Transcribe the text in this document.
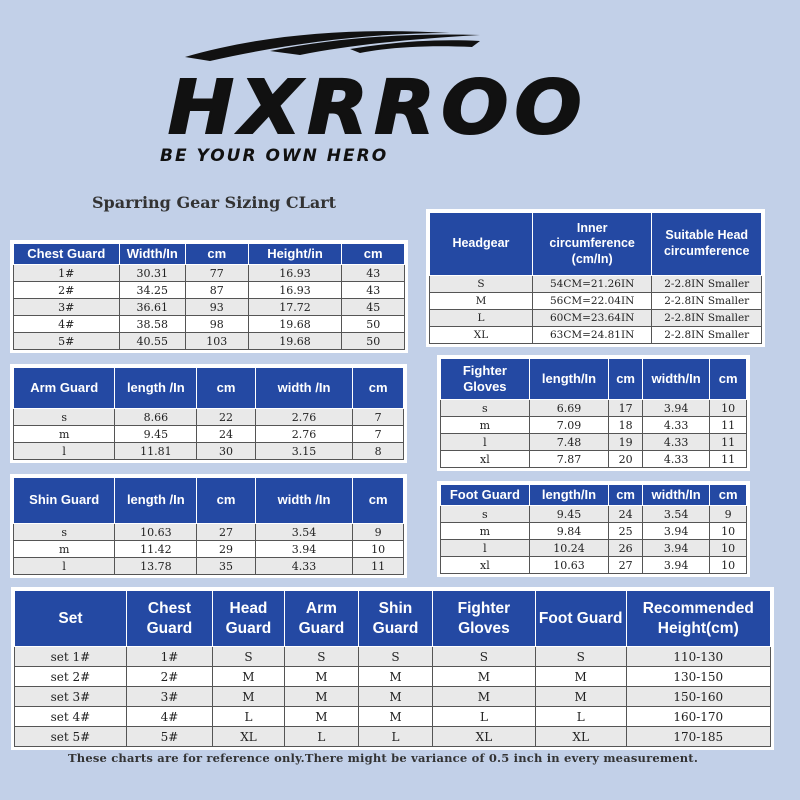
HXRROO
BE YOUR OWN HERO
Sparring Gear Sizing CLart
Chest Guard	Width/In	cm	Height/in	cm
1#	30.31	77	16.93	43
2#	34.25	87	16.93	43
3#	36.61	93	17.72	45
4#	38.58	98	19.68	50
5#	40.55	103	19.68	50
Headgear	Inner circumference (cm/In)	Suitable Head circumference
S	54CM=21.26IN	2-2.8IN Smaller
M	56CM=22.04IN	2-2.8IN Smaller
L	60CM=23.64IN	2-2.8IN Smaller
XL	63CM=24.81IN	2-2.8IN Smaller
Arm Guard	length /In	cm	width /In	cm
s	8.66	22	2.76	7
m	9.45	24	2.76	7
l	11.81	30	3.15	8
Fighter Gloves	length/In	cm	width/In	cm
s	6.69	17	3.94	10
m	7.09	18	4.33	11
l	7.48	19	4.33	11
xl	7.87	20	4.33	11
Shin Guard	length /In	cm	width /In	cm
s	10.63	27	3.54	9
m	11.42	29	3.94	10
l	13.78	35	4.33	11
Foot Guard	length/In	cm	width/In	cm
s	9.45	24	3.54	9
m	9.84	25	3.94	10
l	10.24	26	3.94	10
xl	10.63	27	3.94	10
Set	Chest Guard	Head Guard	Arm Guard	Shin Guard	Fighter Gloves	Foot Guard	Recommended Height(cm)
set 1#	1#	S	S	S	S	S	110-130
set 2#	2#	M	M	M	M	M	130-150
set 3#	3#	M	M	M	M	M	150-160
set 4#	4#	L	M	M	L	L	160-170
set 5#	5#	XL	L	L	XL	XL	170-185
These charts are for reference only.There might be variance of 0.5 inch in every measurement.
